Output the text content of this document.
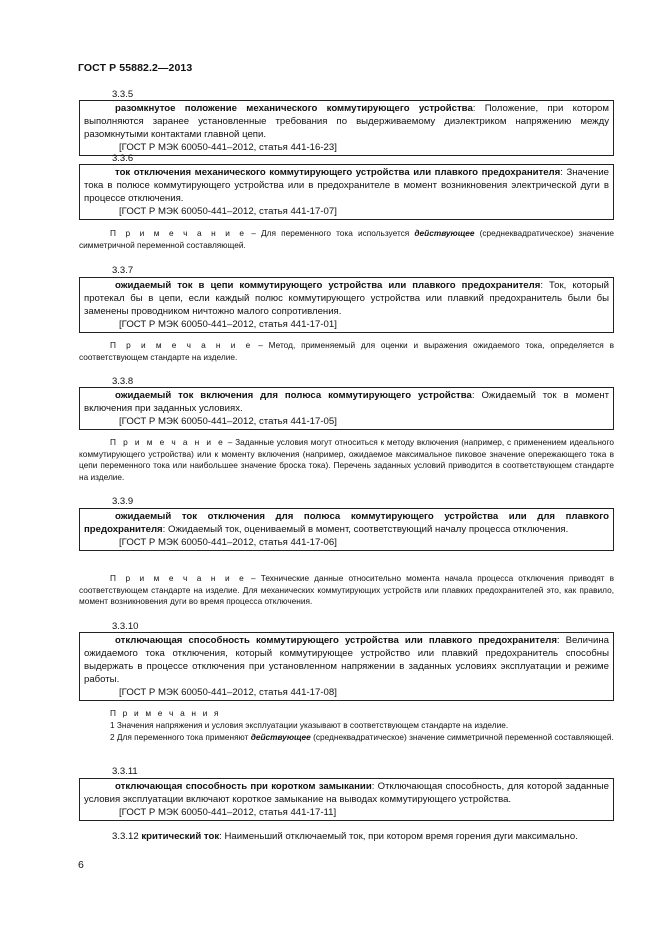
ГОСТ Р 55882.2—2013
3.3.5

разомкнутое положение механического коммутирующего устройства: Положение, при котором выполняются заранее установленные требования по выдерживаемому диэлектриком напряжению между разомкнутыми контактами главной цепи.

[ГОСТ Р МЭК 60050-441–2012, статья 441-16-23]

3.3.6

ток отключения механического коммутирующего устройства или плавкого предохранителя: Значение тока в полюсе коммутирующего устройства или в предохранителе в момент возникновения электрической дуги в процессе отключения.

[ГОСТ Р МЭК 60050-441–2012, статья 441-17-07]

П р и м е ч а н и е – Для переменного тока используется действующее (среднеквадратическое) значение симметричной переменной составляющей.

3.3.7

ожидаемый ток в цепи коммутирующего устройства или плавкого предохранителя: Ток, который протекал бы в цепи, если каждый полюс коммутирующего устройства или плавкий предохранитель были бы заменены проводником ничтожно малого сопротивления.

[ГОСТ Р МЭК 60050-441–2012, статья 441-17-01]

П р и м е ч а н и е – Метод, применяемый для оценки и выражения ожидаемого тока, определяется в соответствующем стандарте на изделие.

3.3.8

ожидаемый ток включения для полюса коммутирующего устройства: Ожидаемый ток в момент включения при заданных условиях.

[ГОСТ Р МЭК 60050-441–2012, статья 441-17-05]

П р и м е ч а н и е – Заданные условия могут относиться к методу включения (например, с применением идеального коммутирующего устройства) или к моменту включения (например, ожидаемое максимальное пиковое значение опережающего тока в цепи переменного тока или наибольшее значение броска тока). Перечень заданных условий приводится в соответствующем стандарте на изделие.

3.3.9

ожидаемый ток отключения для полюса коммутирующего устройства или для плавкого предохранителя: Ожидаемый ток, оцениваемый в момент, соответствующий началу процесса отключения.

[ГОСТ Р МЭК 60050-441–2012, статья 441-17-06]

П р и м е ч а н и е – Технические данные относительно момента начала процесса отключения приводят в соответствующем стандарте на изделие. Для механических коммутирующих устройств или плавких предохранителей это, как правило, момент возникновения дуги во время процесса отключения.

3.3.10

отключающая способность коммутирующего устройства или плавкого предохранителя: Величина ожидаемого тока отключения, который коммутирующее устройство или плавкий предохранитель способны выдержать в процессе отключения при установленном напряжении в заданных условиях эксплуатации и режиме работы.

[ГОСТ Р МЭК 60050-441–2012, статья 441-17-08]

П р и м е ч а н и я
1 Значения напряжения и условия эксплуатации указывают в соответствующем стандарте на изделие.
2 Для переменного тока применяют действующее (среднеквадратическое) значение симметричной переменной составляющей.
3.3.11

отключающая способность при коротком замыкании: Отключающая способность, для которой заданные условия эксплуатации включают короткое замыкание на выводах коммутирующего устройства.

[ГОСТ Р МЭК 60050-441–2012, статья 441-17-11]

3.3.12 критический ток: Наименьший отключаемый ток, при котором время горения дуги максимально.

6
